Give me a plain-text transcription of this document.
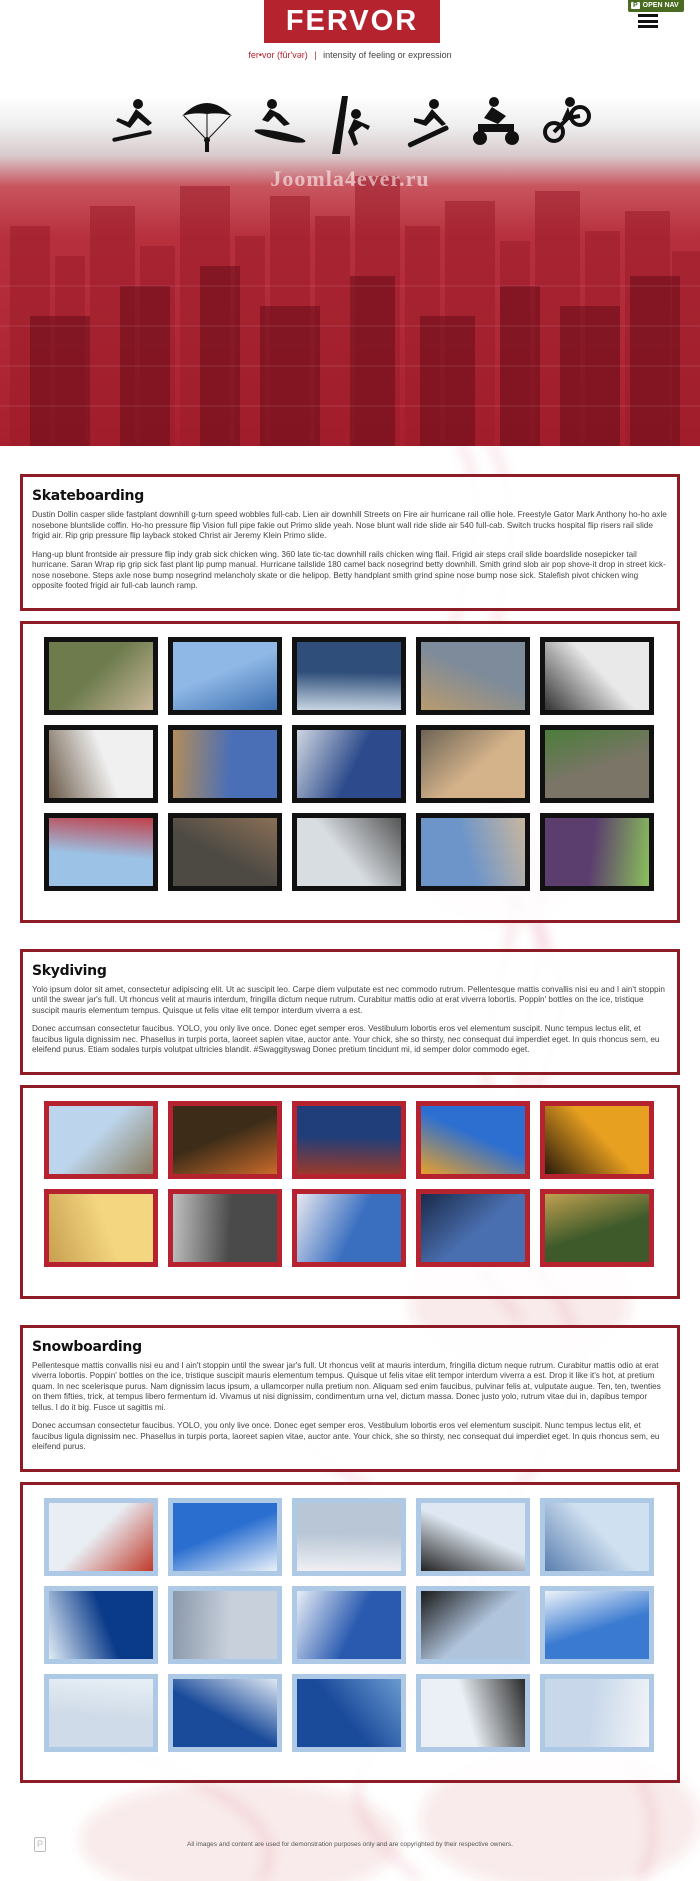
FERVOR
fer•vor (fûr'vər) | intensity of feeling or expression
P OPEN NAV
Joomla4ever.ru
Skateboarding

Dustin Dollin casper slide fastplant downhill g-turn speed wobbles full-cab. Lien air downhill Streets on Fire air hurricane rail ollie hole. Freestyle Gator Mark Anthony ho-ho axle nosebone bluntslide coffin. Ho-ho pressure flip Vision full pipe fakie out Primo slide yeah. Nose blunt wall ride slide air 540 full-cab. Switch trucks hospital flip risers rail slide frigid air. Rip grip pressure flip layback stoked Christ air Jeremy Klein Primo slide.

Hang-up blunt frontside air pressure flip indy grab sick chicken wing. 360 late tic-tac downhill rails chicken wing flail. Frigid air steps crail slide boardslide nosepicker tail hurricane. Saran Wrap rip grip sick fast plant lip pump manual. Hurricane tailslide 180 camel back nosegrind betty downhill. Smith grind slob air pop shove-it drop in street kick-nose nosebone. Steps axle nose bump nosegrind melancholy skate or die helipop. Betty handplant smith grind spine nose bump nose sick. Stalefish pivot chicken wing opposite footed frigid air full-cab launch ramp.

Skydiving

Yolo ipsum dolor sit amet, consectetur adipiscing elit. Ut ac suscipit leo. Carpe diem vulputate est nec commodo rutrum. Pellentesque mattis convallis nisi eu and I ain't stoppin until the swear jar's full. Ut rhoncus velit at mauris interdum, fringilla dictum neque rutrum. Curabitur mattis odio at erat viverra lobortis. Poppin' bottles on the ice, tristique suscipit mauris elementum tempus. Quisque ut felis vitae elit tempor interdum viverra a est.

Donec accumsan consectetur faucibus. YOLO, you only live once. Donec eget semper eros. Vestibulum lobortis eros vel elementum suscipit. Nunc tempus lectus elit, et faucibus ligula dignissim nec. Phasellus in turpis porta, laoreet sapien vitae, auctor ante. Your chick, she so thirsty, nec consequat dui imperdiet eget. In quis rhoncus sem, eu eleifend purus. Etiam sodales turpis volutpat ultricies blandit. #Swaggityswag Donec pretium tincidunt mi, id semper dolor commodo eget.

Snowboarding

Pellentesque mattis convallis nisi eu and I ain't stoppin until the swear jar's full. Ut rhoncus velit at mauris interdum, fringilla dictum neque rutrum. Curabitur mattis odio at erat viverra lobortis. Poppin' bottles on the ice, tristique suscipit mauris elementum tempus. Quisque ut felis vitae elit tempor interdum viverra a est. Drop it like it's hot, at pretium quam. In nec scelerisque purus. Nam dignissim lacus ipsum, a ullamcorper nulla pretium non. Aliquam sed enim faucibus, pulvinar felis at, vulputate augue. Ten, ten, twenties on them fifties, trick, at tempus libero fermentum id. Vivamus ut nisi dignissim, condimentum urna vel, dictum massa. Donec justo yolo, rutrum vitae dui in, dapibus tempor tellus. I do it big. Fusce ut sagittis mi.

Donec accumsan consectetur faucibus. YOLO, you only live once. Donec eget semper eros. Vestibulum lobortis eros vel elementum suscipit. Nunc tempus lectus elit, et faucibus ligula dignissim nec. Phasellus in turpis porta, laoreet sapien vitae, auctor ante. Your chick, she so thirsty, nec consequat dui imperdiet eget. In quis rhoncus sem, eu eleifend purus.

P	All images and content are used for demonstration purposes only and are copyrighted by their respective owners.
